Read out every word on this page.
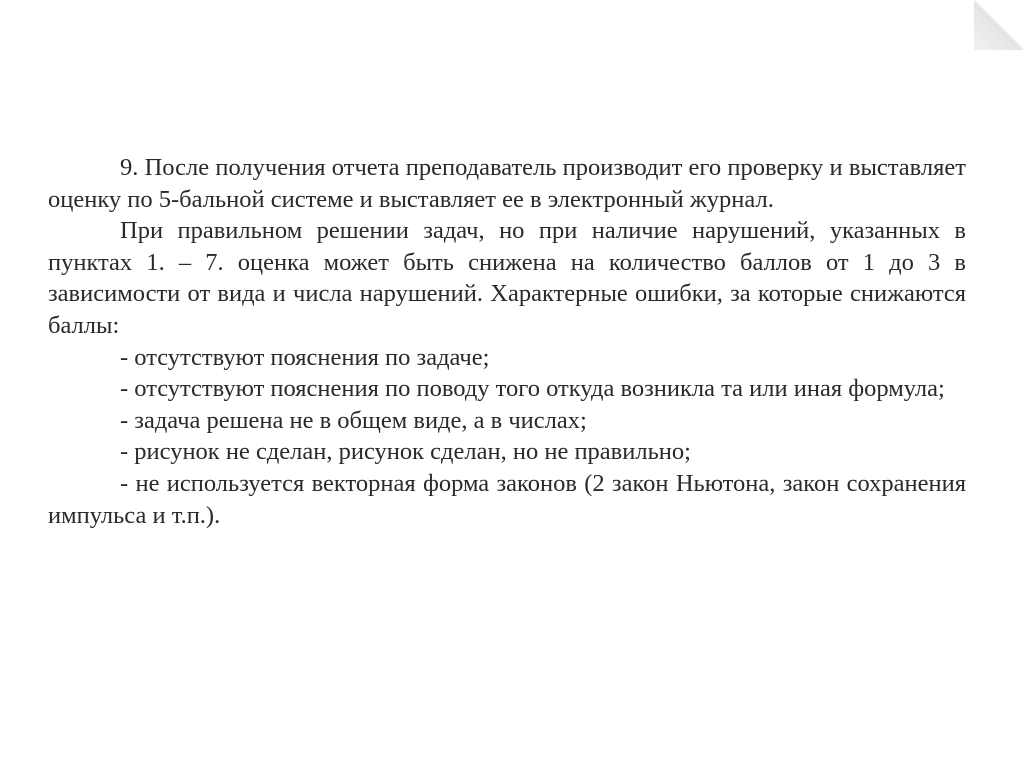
9. После получения отчета преподаватель производит его проверку и выставляет оценку по 5-бальной системе и выставляет ее в электронный журнал.

При правильном решении задач, но при наличие нарушений, указанных в пунктах 1. – 7. оценка может быть снижена на количество баллов от 1 до 3 в зависимости от вида и числа нарушений. Характерные ошибки, за которые снижаются баллы:

- отсутствуют пояснения по задаче;

- отсутствуют пояснения по поводу того откуда возникла та или иная формула;

- задача решена не в общем виде, а в числах;

- рисунок не сделан, рисунок сделан, но не правильно;

- не используется векторная форма законов (2 закон Ньютона, закон сохранения импульса и т.п.).
